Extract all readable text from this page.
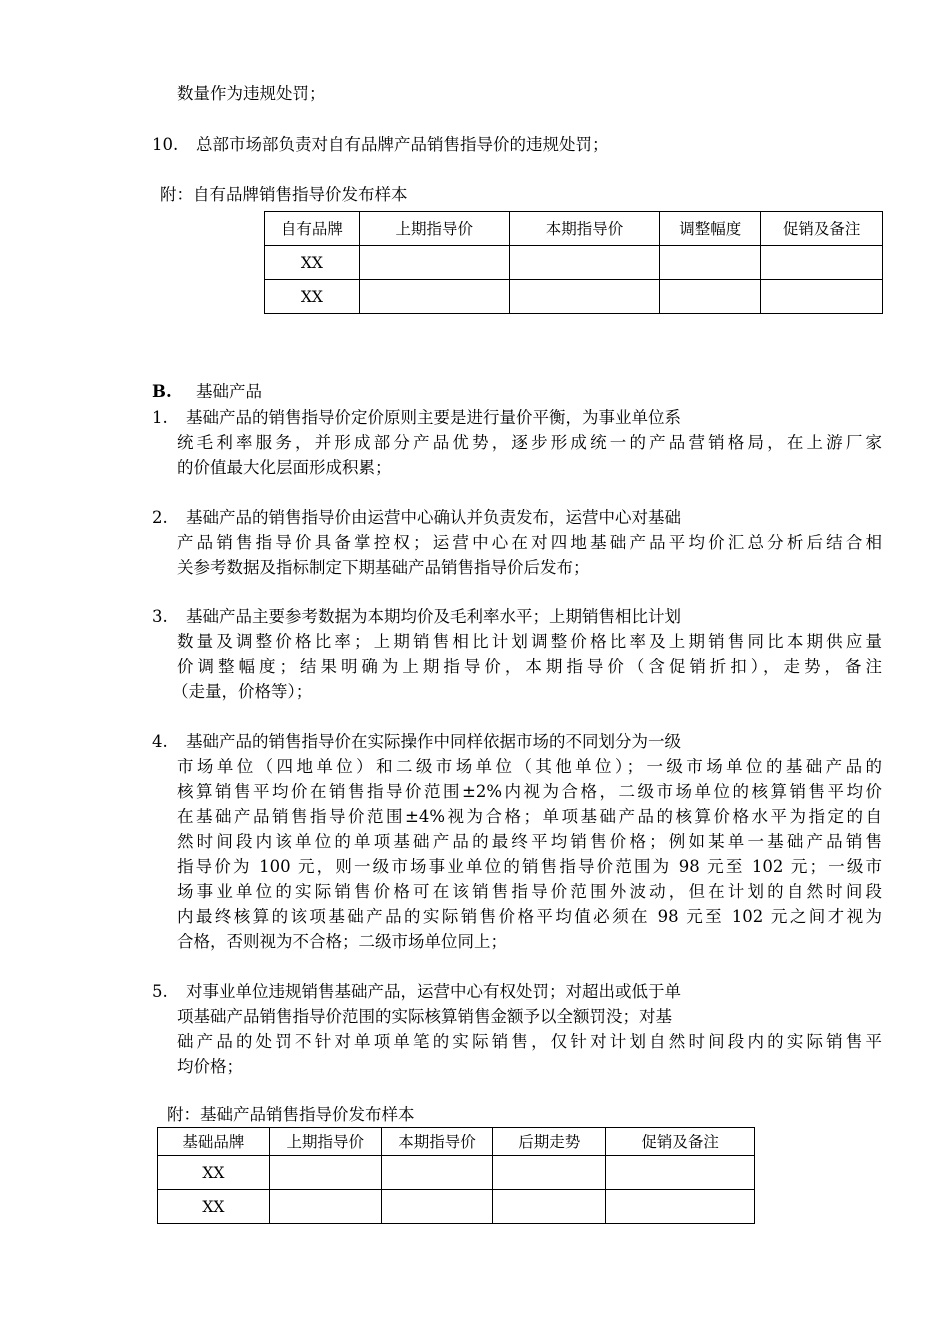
数量作为违规处罚；
10. 总部市场部负责对自有品牌产品销售指导价的违规处罚；
附：自有品牌销售指导价发布样本
自有品牌	上期指导价	本期指导价	调整幅度	促销及备注
XX				
XX				
B. 基础产品
1. 基础产品的销售指导价定价原则主要是进行量价平衡，为事业单位系
统毛利率服务，并形成部分产品优势，逐步形成统一的产品营销格局，在上游厂家
的价值最大化层面形成积累；
2. 基础产品的销售指导价由运营中心确认并负责发布，运营中心对基础
产品销售指导价具备掌控权；运营中心在对四地基础产品平均价汇总分析后结合相
关参考数据及指标制定下期基础产品销售指导价后发布；
3. 基础产品主要参考数据为本期均价及毛利率水平；上期销售相比计划
数量及调整价格比率；上期销售相比计划调整价格比率及上期销售同比本期供应量
价调整幅度；结果明确为上期指导价，本期指导价（含促销折扣），走势，备注
（走量，价格等）；
4. 基础产品的销售指导价在实际操作中同样依据市场的不同划分为一级
市场单位（四地单位）和二级市场单位（其他单位）；一级市场单位的基础产品的
核算销售平均价在销售指导价范围±2%内视为合格，二级市场单位的核算销售平均价
在基础产品销售指导价范围±4%视为合格；单项基础产品的核算价格水平为指定的自
然时间段内该单位的单项基础产品的最终平均销售价格；例如某单一基础产品销售
指导价为 100 元，则一级市场事业单位的销售指导价范围为 98 元至 102 元；一级市
场事业单位的实际销售价格可在该销售指导价范围外波动，但在计划的自然时间段
内最终核算的该项基础产品的实际销售价格平均值必须在 98 元至 102 元之间才视为
合格，否则视为不合格；二级市场单位同上；
5. 对事业单位违规销售基础产品，运营中心有权处罚；对超出或低于单
项基础产品销售指导价范围的实际核算销售金额予以全额罚没；对基
础产品的处罚不针对单项单笔的实际销售，仅针对计划自然时间段内的实际销售平
均价格；
附：基础产品销售指导价发布样本
基础品牌	上期指导价	本期指导价	后期走势	促销及备注
XX				
XX				
